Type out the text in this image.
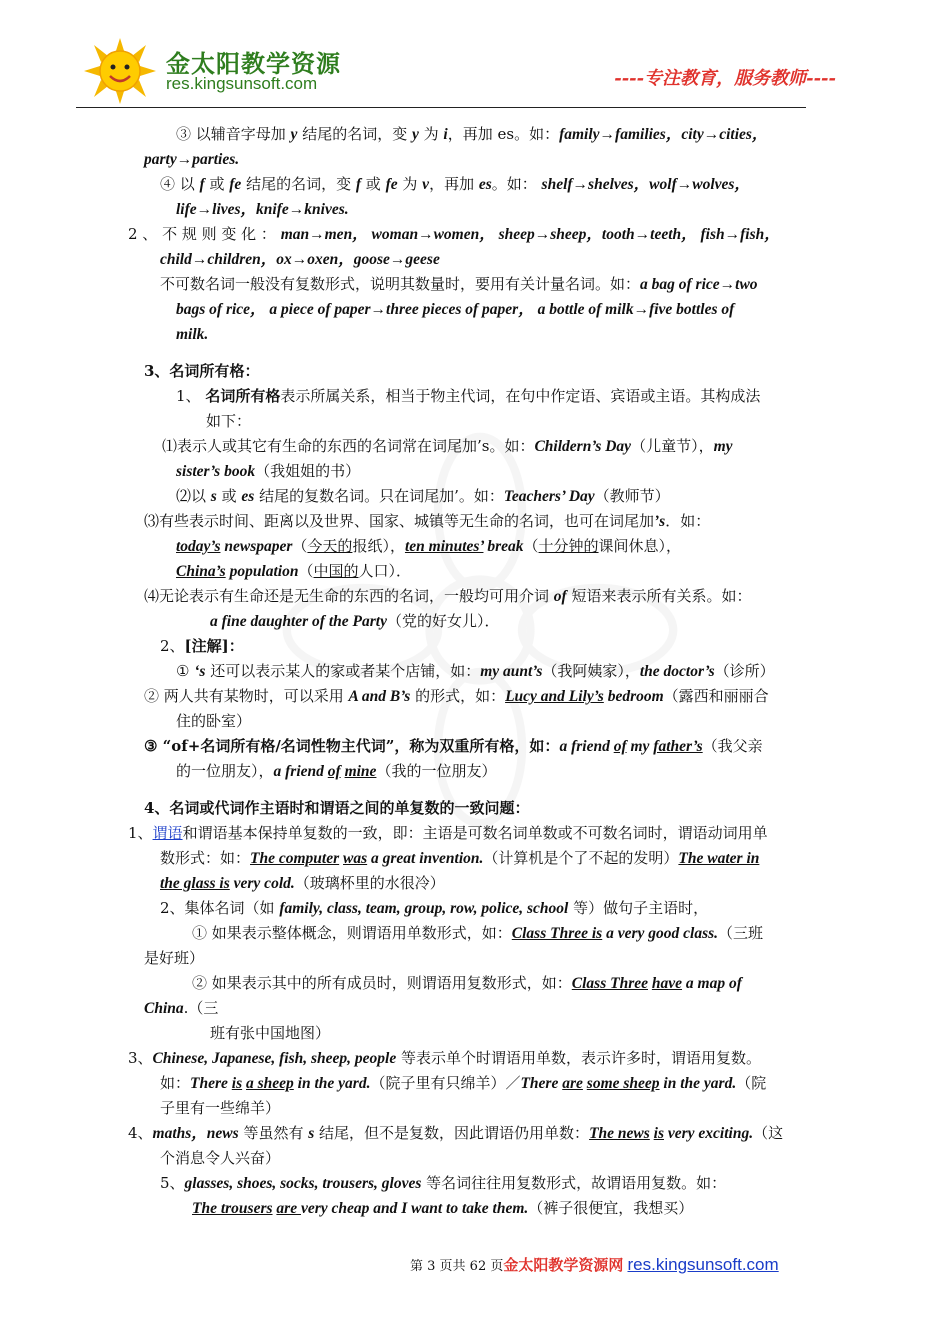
金太阳教学资源
res.kingsunsoft.com	----专注教育，服务教师----
③ 以辅音字母加 y 结尾的名词，变 y 为 i，再加 es。如：family→families，city→cities，
party→parties.
④ 以 f 或 fe 结尾的名词，变 f 或 fe 为 v，再加 es。如： shelf→shelves，wolf→wolves，
life→lives，knife→knives.
2 、 不 规 则 变 化 ： man→men， woman→women， sheep→sheep，tooth→teeth， fish→fish，
child→children，ox→oxen，goose→geese
不可数名词一般没有复数形式，说明其数量时，要用有关计量名词。如：a bag of rice→two
bags of rice， a piece of paper→three pieces of paper， a bottle of milk→five bottles of
milk.
3、名词所有格：
1、 名词所有格表示所属关系，相当于物主代词，在句中作定语、宾语或主语。其构成法
如下：
⑴表示人或其它有生命的东西的名词常在词尾加’s。如：Childern’s Day（儿童节），my
sister’s book（我姐姐的书）
⑵以 s 或 es 结尾的复数名词。只在词尾加’。如：Teachers’ Day（教师节）
⑶有些表示时间、距离以及世界、国家、城镇等无生命的名词，也可在词尾加’s．如：
today’s newspaper（今天的报纸），ten minutes’ break（十分钟的课间休息），
China’s population（中国的人口）．
⑷无论表示有生命还是无生命的东西的名词，一般均可用介词 of 短语来表示所有关系。如：
a fine daughter of the Party（党的好女儿）．
2、[注解]：
① ‘s 还可以表示某人的家或者某个店铺，如：my aunt’s（我阿姨家），the doctor’s（诊所）
② 两人共有某物时，可以采用 A and B’s 的形式，如：Lucy and Lily’s bedroom（露西和丽丽合
住的卧室）
③ “of+名词所有格/名词性物主代词”，称为双重所有格，如：a friend of my father’s（我父亲
的一位朋友），a friend of mine（我的一位朋友）
4、名词或代词作主语时和谓语之间的单复数的一致问题：
1、谓语和谓语基本保持单复数的一致，即：主语是可数名词单数或不可数名词时，谓语动词用单
数形式：如：The computer was a great invention.（计算机是个了不起的发明）The water in
the glass is very cold.（玻璃杯里的水很冷）
2、集体名词（如 family, class, team, group, row, police, school 等）做句子主语时，
① 如果表示整体概念，则谓语用单数形式，如：Class Three is a very good class.（三班
是好班）
② 如果表示其中的所有成员时，则谓语用复数形式，如：Class Three have a map of
China.（三
班有张中国地图）
3、Chinese, Japanese, fish, sheep, people 等表示单个时谓语用单数，表示许多时，谓语用复数。
如：There is a sheep in the yard.（院子里有只绵羊）／There are some sheep in the yard.（院
子里有一些绵羊）
4、maths，news 等虽然有 s 结尾，但不是复数，因此谓语仍用单数：The news is very exciting.（这
个消息令人兴奋）
5、glasses, shoes, socks, trousers, gloves 等名词往往用复数形式，故谓语用复数。如：
The trousers are very cheap and I want to take them.（裤子很便宜，我想买）
第 3 页共 62 页金太阳教学资源网 res.kingsunsoft.com
